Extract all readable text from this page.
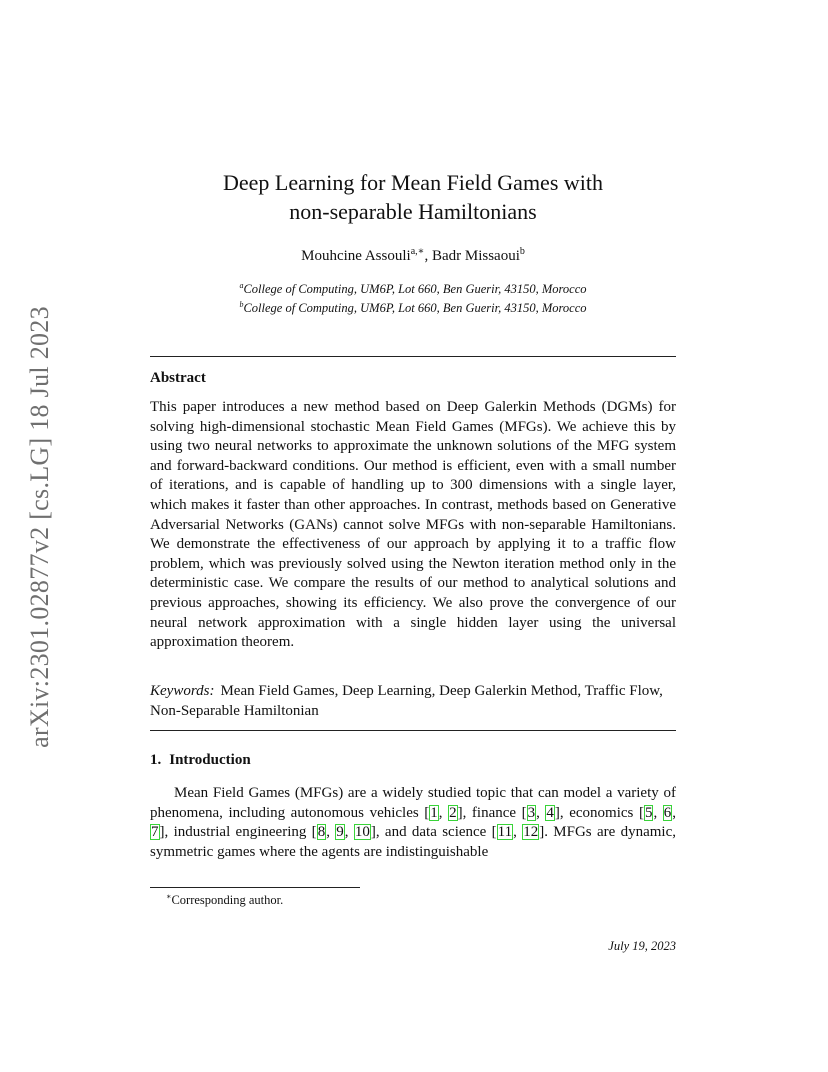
arXiv:2301.02877v2 [cs.LG] 18 Jul 2023
Deep Learning for Mean Field Games with
non-separable Hamiltonians
Mouhcine Assouli$^{a,∗}$, Badr Missaoui$^b$
$^a$College of Computing, UM6P, Lot 660, Ben Guerir, 43150, Morocco
$^b$College of Computing, UM6P, Lot 660, Ben Guerir, 43150, Morocco
Abstract
This paper introduces a new method based on Deep Galerkin Methods (DGMs) for solving high-dimensional stochastic Mean Field Games (MFGs). We achieve this by using two neural networks to approximate the unknown solutions of the MFG system and forward-backward conditions. Our method is efficient, even with a small number of iterations, and is capable of handling up to 300 dimensions with a single layer, which makes it faster than other approaches. In contrast, methods based on Generative Adversarial Networks (GANs) cannot solve MFGs with non-separable Hamiltonians. We demonstrate the effectiveness of our approach by applying it to a traffic flow problem, which was previously solved using the Newton iteration method only in the deterministic case. We compare the results of our method to analytical solutions and previous approaches, showing its efficiency. We also prove the convergence of our neural network approximation with a single hidden layer using the universal approximation theorem.
Keywords: Mean Field Games, Deep Learning, Deep Galerkin Method, Traffic Flow, Non-Separable Hamiltonian
1. Introduction
Mean Field Games (MFGs) are a widely studied topic that can model a variety of phenomena, including autonomous vehicles [1, 2], finance [3, 4], economics [5, 6, 7], industrial engineering [8, 9, 10], and data science [11, 12]. MFGs are dynamic, symmetric games where the agents are indistinguishable
∗Corresponding author.
July 19, 2023
